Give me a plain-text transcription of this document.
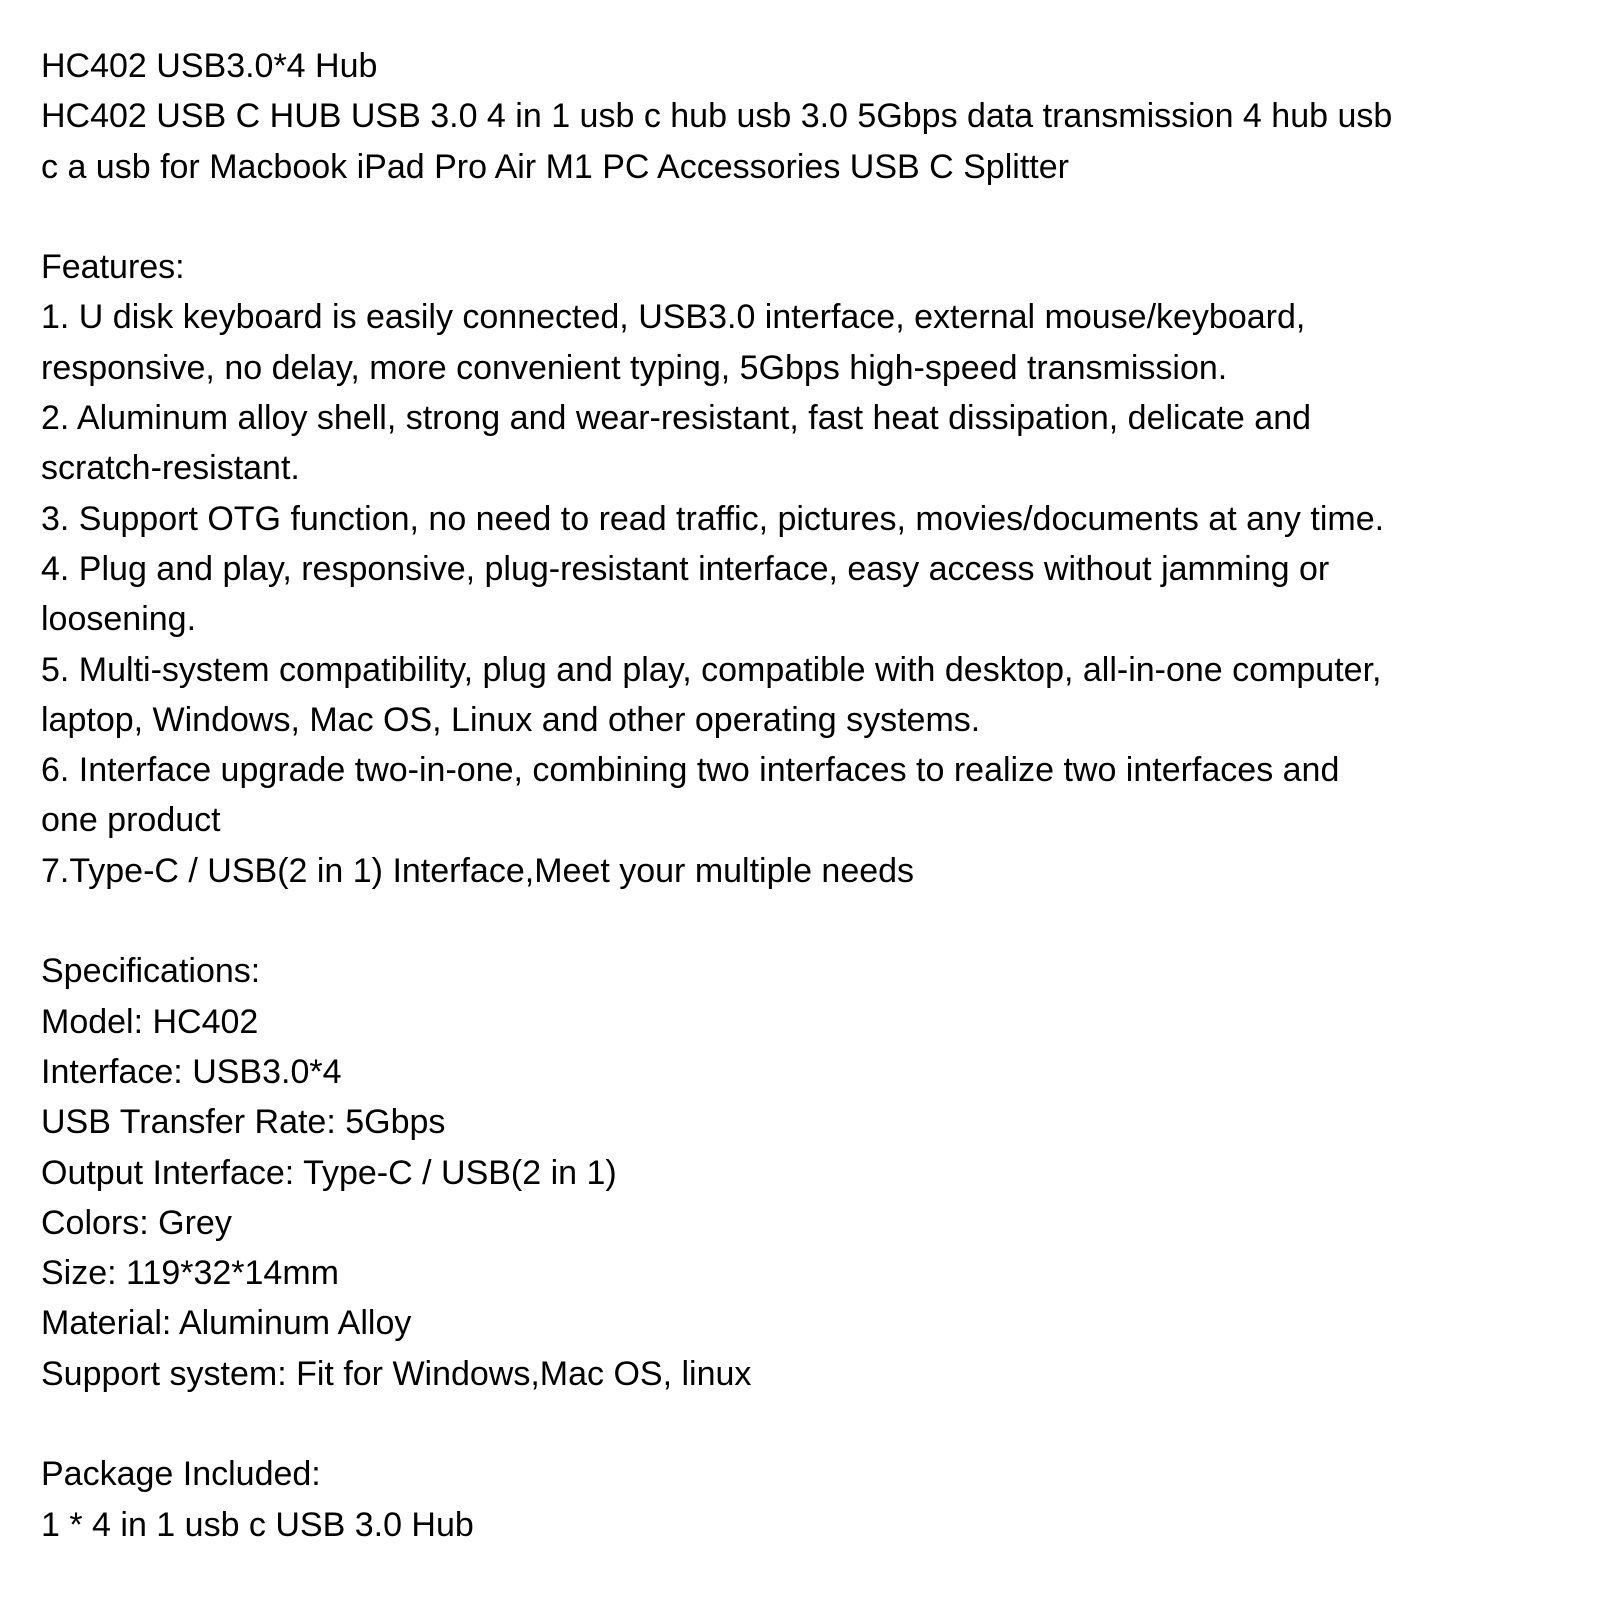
HC402 USB3.0*4 Hub

HC402 USB C HUB USB 3.0 4 in 1 usb c hub usb 3.0 5Gbps data transmission 4 hub usb

c a usb for Macbook iPad Pro Air M1 PC Accessories USB C Splitter

Features:

1. U disk keyboard is easily connected, USB3.0 interface, external mouse/keyboard,

responsive, no delay, more convenient typing, 5Gbps high-speed transmission.

2. Aluminum alloy shell, strong and wear-resistant, fast heat dissipation, delicate and

scratch-resistant.

3. Support OTG function, no need to read traffic, pictures, movies/documents at any time.

4. Plug and play, responsive, plug-resistant interface, easy access without jamming or

loosening.

5. Multi-system compatibility, plug and play, compatible with desktop, all-in-one computer,

laptop, Windows, Mac OS, Linux and other operating systems.

6. Interface upgrade two-in-one, combining two interfaces to realize two interfaces and

one product

7.Type-C / USB(2 in 1) Interface,Meet your multiple needs

Specifications:

Model: HC402

Interface: USB3.0*4

USB Transfer Rate: 5Gbps

Output Interface: Type-C / USB(2 in 1)

Colors: Grey

Size: 119*32*14mm

Material: Aluminum Alloy

Support system: Fit for Windows,Mac OS, linux

Package Included:

1 * 4 in 1 usb c USB 3.0 Hub
